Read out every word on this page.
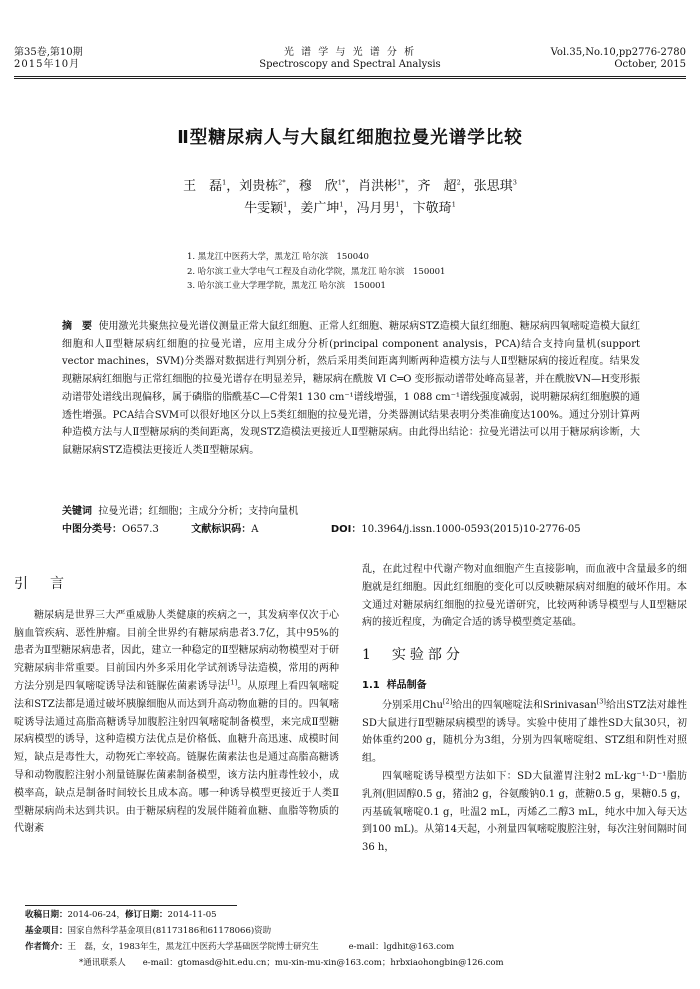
第35卷,第10期
2015年10月
光 谱 学 与 光 谱 分 析
Spectroscopy and Spectral Analysis
Vol.35,No.10,pp2776-2780
October, 2015
Ⅱ型糖尿病人与大鼠红细胞拉曼光谱学比较
王　磊$^1$，刘贵栋$^{2*}$，穆　欣$^{1*}$，肖洪彬$^{1*}$，齐　超$^2$，张思琪$^3$
牛雯颖$^1$，姜广坤$^1$，冯月男$^1$，卞敬琦$^1$
1. 黑龙江中医药大学，黑龙江 哈尔滨　150040
2. 哈尔滨工业大学电气工程及自动化学院，黑龙江 哈尔滨　150001
3. 哈尔滨工业大学理学院，黑龙江 哈尔滨　150001
摘　要 使用激光共聚焦拉曼光谱仪测量正常大鼠红细胞、正常人红细胞、糖尿病STZ造模大鼠红细胞、糖尿病四氧嘧啶造模大鼠红细胞和人Ⅱ型糖尿病红细胞的拉曼光谱，应用主成分分析(principal component analysis，PCA)结合支持向量机(support vector machines，SVM)分类器对数据进行判别分析，然后采用类间距离判断两种造模方法与人Ⅱ型糖尿病的接近程度。结果发现糖尿病红细胞与正常红细胞的拉曼光谱存在明显差异，糖尿病在酰胺 Ⅵ C═O 变形振动谱带处峰高显著，并在酰胺ⅤN—H变形振动谱带处谱线出现偏移，属于磷脂的脂酰基C—C骨架1 130 cm⁻¹谱线增强，1 088 cm⁻¹谱线强度减弱，说明糖尿病红细胞膜的通透性增强。PCA结合SVM可以很好地区分以上5类红细胞的拉曼光谱，分类器测试结果表明分类准确度达100%。通过分别计算两种造模方法与人Ⅱ型糖尿病的类间距离，发现STZ造模法更接近人Ⅱ型糖尿病。由此得出结论：拉曼光谱法可以用于糖尿病诊断，大鼠糖尿病STZ造模法更接近人类Ⅱ型糖尿病。
关键词 拉曼光谱；红细胞；主成分分析；支持向量机
中图分类号：O657.3	文献标识码：A	DOI：10.3964/j.issn.1000-0593(2015)10-2776-05
引　言

糖尿病是世界三大严重威胁人类健康的疾病之一，其发病率仅次于心脑血管疾病、恶性肿瘤。目前全世界约有糖尿病患者3.7亿，其中95%的患者为Ⅱ型糖尿病患者，因此，建立一种稳定的Ⅱ型糖尿病动物模型对于研究糖尿病非常重要。目前国内外多采用化学试剂诱导法造模，常用的两种方法分别是四氧嘧啶诱导法和链脲佐菌素诱导法[1]。从原理上看四氧嘧啶法和STZ法都是通过破坏胰腺细胞从而达到升高动物血糖的目的。四氧嘧啶诱导法通过高脂高糖诱导加腹腔注射四氧嘧啶制备模型，来完成Ⅱ型糖尿病模型的诱导，这种造模方法优点是价格低、血糖升高迅速、成模时间短，缺点是毒性大，动物死亡率较高。链脲佐菌素法也是通过高脂高糖诱导和动物腹腔注射小剂量链脲佐菌素制备模型，该方法内脏毒性较小，成模率高，缺点是制备时间较长且成本高。哪一种诱导模型更接近于人类Ⅱ型糖尿病尚未达到共识。由于糖尿病程的发展伴随着血糖、血脂等物质的代谢紊

乱，在此过程中代谢产物对血细胞产生直接影响，而血液中含量最多的细胞就是红细胞。因此红细胞的变化可以反映糖尿病对细胞的破坏作用。本文通过对糖尿病红细胞的拉曼光谱研究，比较两种诱导模型与人Ⅱ型糖尿病的接近程度，为确定合适的诱导模型奠定基础。
1 实验部分
1.1 样品制备

分别采用Chu[2]给出的四氧嘧啶法和Srinivasan[3]给出STZ法对雄性SD大鼠进行Ⅱ型糖尿病模型的诱导。实验中使用了雄性SD大鼠30只，初始体重约200 g，随机分为3组，分别为四氧嘧啶组、STZ组和阴性对照组。

四氧嘧啶诱导模型方法如下：SD大鼠灌胃注射2 mL·kg⁻¹·D⁻¹脂肪乳剂(胆固醇0.5 g，猪油2 g，谷氨酸钠0.1 g，蔗糖0.5 g，果糖0.5 g，丙基硫氧嘧啶0.1 g，吐温2 mL，丙烯乙二醇3 mL，纯水中加入每天达到100 mL)。从第14天起，小剂量四氧嘧啶腹腔注射，每次注射间隔时间36 h，

收稿日期：2014-06-24，修订日期：2014-11-05
基金项目：国家自然科学基金项目(81173186和61178066)资助
作者简介：王　磊，女，1983年生，黑龙江中医药大学基础医学院博士研究生	e-mail：lgdhit@163.com
*通讯联系人　　e-mail：gtomasd@hit.edu.cn；mu-xin-mu-xin@163.com；hrbxiaohongbin@126.com
